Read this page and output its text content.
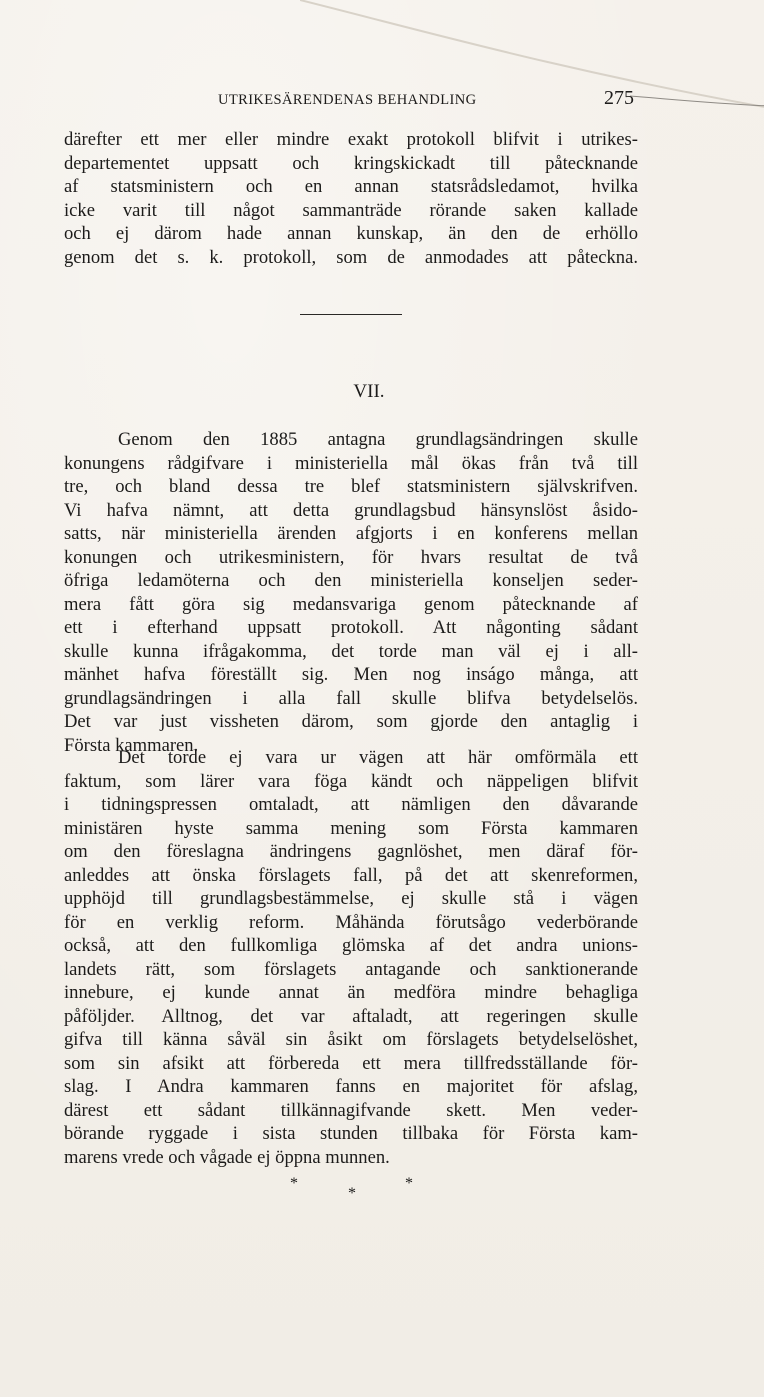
UTRIKESÄRENDENAS BEHANDLING	275
därefter ett mer eller mindre exakt protokoll blifvit i utrikes-
departementet uppsatt och kringskickadt till påtecknande
af statsministern och en annan statsrådsledamot, hvilka
icke varit till något sammanträde rörande saken kallade
och ej därom hade annan kunskap, än den de erhöllo
genom det s. k. protokoll, som de anmodades att påteckna.
VII.
Genom den 1885 antagna grundlagsändringen skulle
konungens rådgifvare i ministeriella mål ökas från två till
tre, och bland dessa tre blef statsministern självskrifven.
Vi hafva nämnt, att detta grundlagsbud hänsynslöst åsido-
satts, när ministeriella ärenden afgjorts i en konferens mellan
konungen och utrikesministern, för hvars resultat de två
öfriga ledamöterna och den ministeriella konseljen seder-
mera fått göra sig medansvariga genom påtecknande af
ett i efterhand uppsatt protokoll. Att någonting sådant
skulle kunna ifrågakomma, det torde man väl ej i all-
mänhet hafva föreställt sig. Men nog inságo många, att
grundlagsändringen i alla fall skulle blifva betydelselös.
Det var just vissheten därom, som gjorde den antaglig i
Första kammaren.
Det torde ej vara ur vägen att här omförmäla ett
faktum, som lärer vara föga kändt och näppeligen blifvit
i tidningspressen omtaladt, att nämligen den dåvarande
ministären hyste samma mening som Första kammaren
om den föreslagna ändringens gagnlöshet, men däraf för-
anleddes att önska förslagets fall, på det att skenreformen,
upphöjd till grundlagsbestämmelse, ej skulle stå i vägen
för en verklig reform. Måhända förutsågo vederbörande
också, att den fullkomliga glömska af det andra unions-
landets rätt, som förslagets antagande och sanktionerande
innebure, ej kunde annat än medföra mindre behagliga
påföljder. Alltnog, det var aftaladt, att regeringen skulle
gifva till känna såväl sin åsikt om förslagets betydelselöshet,
som sin afsikt att förbereda ett mera tillfredsställande för-
slag. I Andra kammaren fanns en majoritet för afslag,
därest ett sådant tillkännagifvande skett. Men veder-
börande ryggade i sista stunden tillbaka för Första kam-
marens vrede och vågade ej öppna munnen.
*
*
*
